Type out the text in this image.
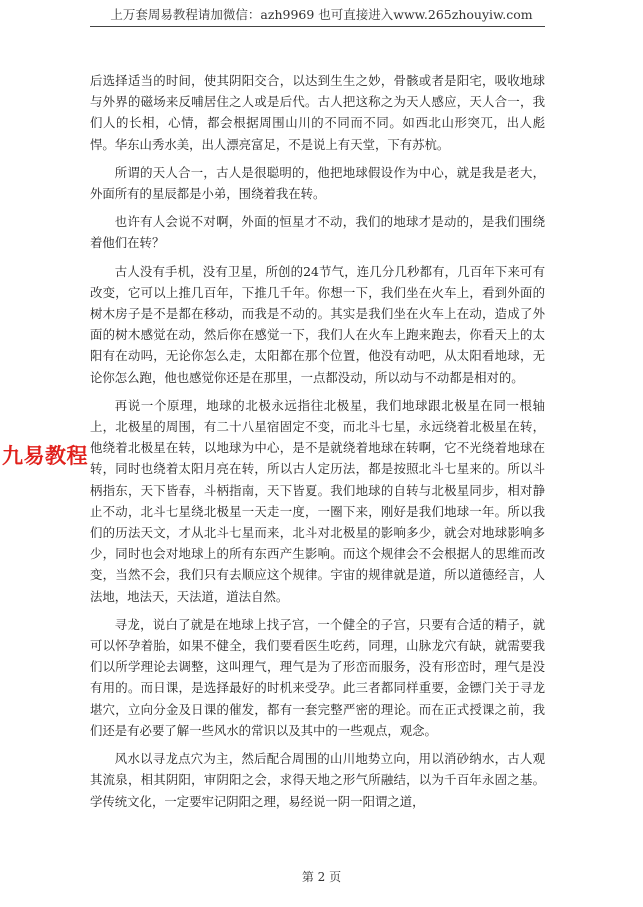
上万套周易教程请加微信：azh9969 也可直接进入www.265zhouyiw.com

后选择适当的时间，使其阴阳交合，以达到生生之妙，骨骸或者是阳宅，吸收地球与外界的磁场来反哺居住之人或是后代。古人把这称之为天人感应，天人合一，我们人的长相，心情，都会根据周围山川的不同而不同。如西北山形突兀，出人彪悍。华东山秀水美，出人漂亮富足，不是说上有天堂，下有苏杭。

所谓的天人合一，古人是很聪明的，他把地球假设作为中心，就是我是老大，外面所有的星辰都是小弟，围绕着我在转。

也许有人会说不对啊，外面的恒星才不动，我们的地球才是动的，是我们围绕着他们在转？

古人没有手机，没有卫星，所创的24节气，连几分几秒都有，几百年下来可有改变，它可以上推几百年，下推几千年。你想一下，我们坐在火车上，看到外面的树木房子是不是都在移动，而我是不动的。其实是我们坐在火车上在动，造成了外面的树木感觉在动，然后你在感觉一下，我们人在火车上跑来跑去，你看天上的太阳有在动吗，无论你怎么走，太阳都在那个位置，他没有动吧，从太阳看地球，无论你怎么跑，他也感觉你还是在那里，一点都没动，所以动与不动都是相对的。

再说一个原理，地球的北极永远指往北极星，我们地球跟北极星在同一根轴上，北极星的周围，有二十八星宿固定不变，而北斗七星，永远绕着北极星在转，他绕着北极星在转，以地球为中心，是不是就绕着地球在转啊，它不光绕着地球在转，同时也绕着太阳月亮在转，所以古人定历法，都是按照北斗七星来的。所以斗柄指东，天下皆春，斗柄指南，天下皆夏。我们地球的自转与北极星同步，相对静止不动，北斗七星绕北极星一天走一度，一圈下来，刚好是我们地球一年。所以我们的历法天文，才从北斗七星而来，北斗对北极星的影响多少，就会对地球影响多少，同时也会对地球上的所有东西产生影响。而这个规律会不会根据人的思维而改变，当然不会，我们只有去顺应这个规律。宇宙的规律就是道，所以道德经言，人法地，地法天，天法道，道法自然。

寻龙，说白了就是在地球上找子宫，一个健全的子宫，只要有合适的精子，就可以怀孕着胎，如果不健全，我们要看医生吃药，同理，山脉龙穴有缺，就需要我们以所学理论去调整，这叫理气，理气是为了形峦而服务，没有形峦时，理气是没有用的。而日课，是选择最好的时机来受孕。此三者都同样重要，金镖门关于寻龙堪穴，立向分金及日课的催发，都有一套完整严密的理论。而在正式授课之前，我们还是有必要了解一些风水的常识以及其中的一些观点，观念。

风水以寻龙点穴为主，然后配合周围的山川地势立向，用以消砂纳水，古人观其流泉，相其阴阳，审阴阳之会，求得天地之形气所融结，以为千百年永固之基。学传统文化，一定要牢记阴阳之理，易经说一阴一阳谓之道，

九易教程
第 2 页
